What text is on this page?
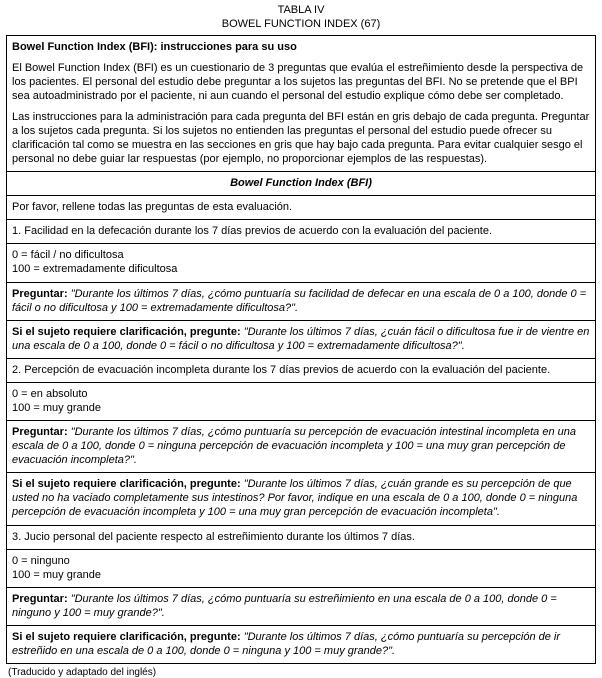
TABLA IV
BOWEL FUNCTION INDEX (67)

Bowel Function Index (BFI): instrucciones para su uso

El Bowel Function Index (BFI) es un cuestionario de 3 preguntas que evalúa el estreñimiento desde la perspectiva de los pacientes. El personal del estudio debe preguntar a los sujetos las preguntas del BFI. No se pretende que el BPI sea autoadministrado por el paciente, ni aun cuando el personal del estudio explique cómo debe ser completado.

Las instrucciones para la administración para cada pregunta del BFI están en gris debajo de cada pregunta. Preguntar a los sujetos cada pregunta. Si los sujetos no entienden las preguntas el personal del estudio puede ofrecer su clarificación tal como se muestra en las secciones en gris que hay bajo cada pregunta. Para evitar cualquier sesgo el personal no debe guiar lar respuestas (por ejemplo, no proporcionar ejemplos de las respuestas).

Bowel Function Index (BFI)
Por favor, rellene todas las preguntas de esta evaluación.
1. Facilidad en la defecación durante los 7 días previos de acuerdo con la evaluación del paciente.

0 = fácil / no dificultosa
100 = extremadamente dificultosa

Preguntar: "Durante los últimos 7 días, ¿cómo puntuaría su facilidad de defecar en una escala de 0 a 100, donde 0 = fácil o no dificultosa y 100 = extremadamente dificultosa?".
Si el sujeto requiere clarificación, pregunte: "Durante los últimos 7 días, ¿cuán fácil o dificultosa fue ir de vientre en una escala de 0 a 100, donde 0 = fácil o no dificultosa y 100 = extremadamente dificultosa?".
2. Percepción de evacuación incompleta durante los 7 días previos de acuerdo con la evaluación del paciente.

0 = en absoluto
100 = muy grande

Preguntar: "Durante los últimos 7 días, ¿cómo puntuaría su percepción de evacuación intestinal incompleta en una escala de 0 a 100, donde 0 = ninguna percepción de evacuación incompleta y 100 = una muy gran percepción de evacuación incompleta?".
Si el sujeto requiere clarificación, pregunte: "Durante los últimos 7 días, ¿cuán grande es su percepción de que usted no ha vaciado completamente sus intestinos? Por favor, indique en una escala de 0 a 100, donde 0 = ninguna percepción de evacuación incompleta y 100 = una muy gran percepción de evacuación incompleta".
3. Jucio personal del paciente respecto al estreñimiento durante los últimos 7 días.

0 = ninguno
100 = muy grande

Preguntar: "Durante los últimos 7 días, ¿cómo puntuaría su estreñimiento en una escala de 0 a 100, donde 0 = ninguno y 100 = muy grande?".
Si el sujeto requiere clarificación, pregunte: "Durante los últimos 7 días, ¿cómo puntuaría su percepción de ir estreñido en una escala de 0 a 100, donde 0 = ninguna y 100 = muy grande?".
(Traducido y adaptado del inglés)
